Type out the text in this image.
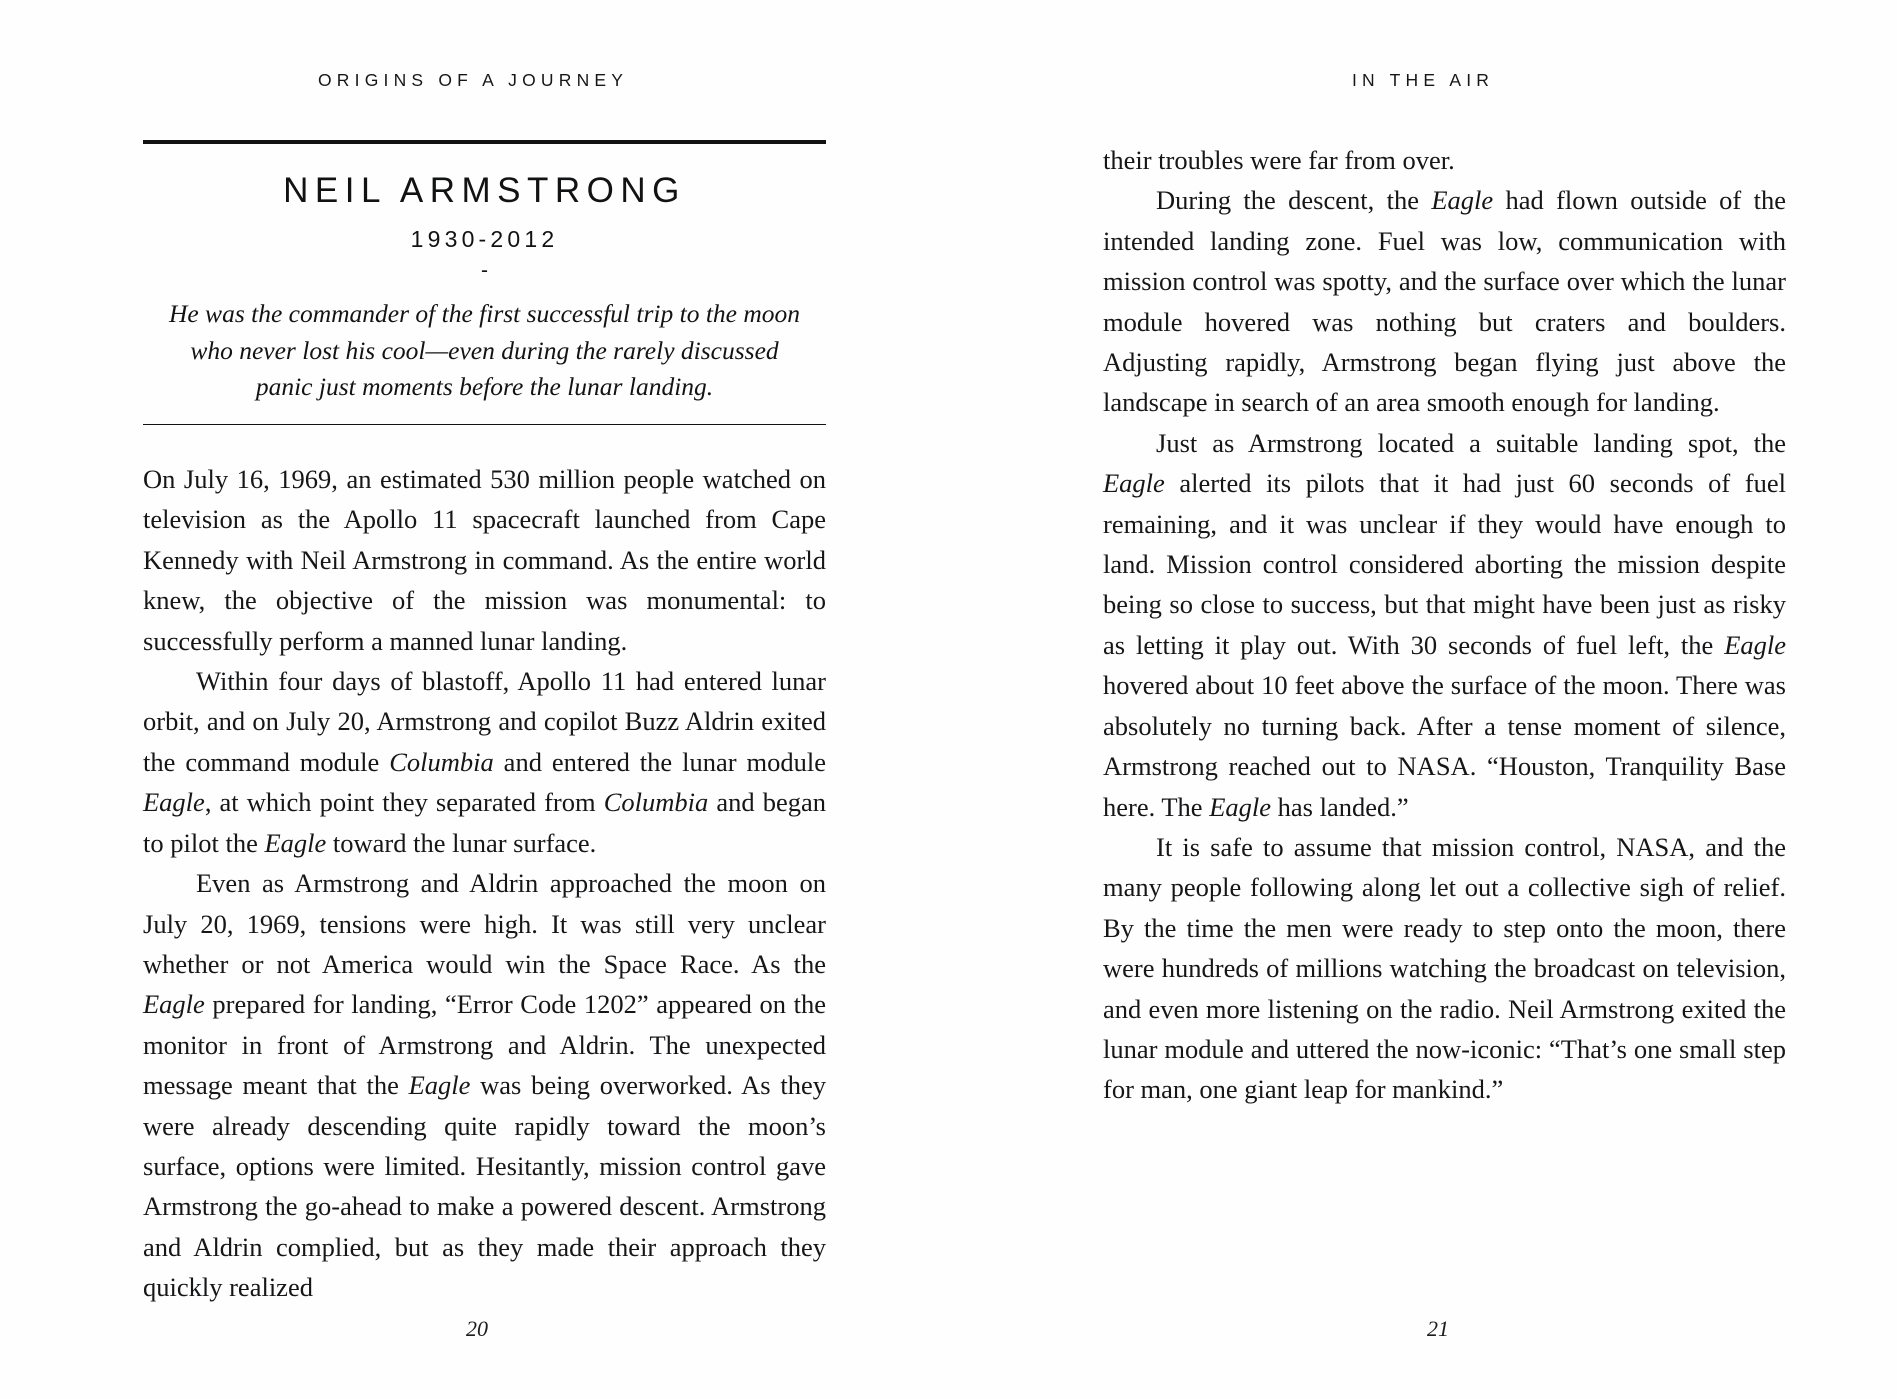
ORIGINS OF A JOURNEY	IN THE AIR
NEIL ARMSTRONG
1930-2012
-
He was the commander of the first successful trip to the moon who never lost his cool—even during the rarely discussed panic just moments before the lunar landing.

On July 16, 1969, an estimated 530 million people watched on television as the Apollo 11 spacecraft launched from Cape Kennedy with Neil Armstrong in command. As the entire world knew, the objective of the mission was monumental: to successfully perform a manned lunar landing.

Within four days of blastoff, Apollo 11 had entered lunar orbit, and on July 20, Armstrong and copilot Buzz Aldrin exited the command module Columbia and entered the lunar module Eagle, at which point they separated from Columbia and began to pilot the Eagle toward the lunar surface.

Even as Armstrong and Aldrin approached the moon on July 20, 1969, tensions were high. It was still very unclear whether or not America would win the Space Race. As the Eagle prepared for landing, “Error Code 1202” appeared on the monitor in front of Armstrong and Aldrin. The unexpected message meant that the Eagle was being overworked. As they were already descending quite rapidly toward the moon’s surface, options were limited. Hesitantly, mission control gave Armstrong the go-ahead to make a powered descent. Armstrong and Aldrin complied, but as they made their approach they quickly realized

their troubles were far from over.

During the descent, the Eagle had flown outside of the intended landing zone. Fuel was low, communication with mission control was spotty, and the surface over which the lunar module hovered was nothing but craters and boulders. Adjusting rapidly, Armstrong began flying just above the landscape in search of an area smooth enough for landing.

Just as Armstrong located a suitable landing spot, the Eagle alerted its pilots that it had just 60 seconds of fuel remaining, and it was unclear if they would have enough to land. Mission control considered aborting the mission despite being so close to success, but that might have been just as risky as letting it play out. With 30 seconds of fuel left, the Eagle hovered about 10 feet above the surface of the moon. There was absolutely no turning back. After a tense moment of silence, Armstrong reached out to NASA. “Houston, Tranquility Base here. The Eagle has landed.”

It is safe to assume that mission control, NASA, and the many people following along let out a collective sigh of relief. By the time the men were ready to step onto the moon, there were hundreds of millions watching the broadcast on television, and even more listening on the radio. Neil Armstrong exited the lunar module and uttered the now-iconic: “That’s one small step for man, one giant leap for mankind.”

20	21
